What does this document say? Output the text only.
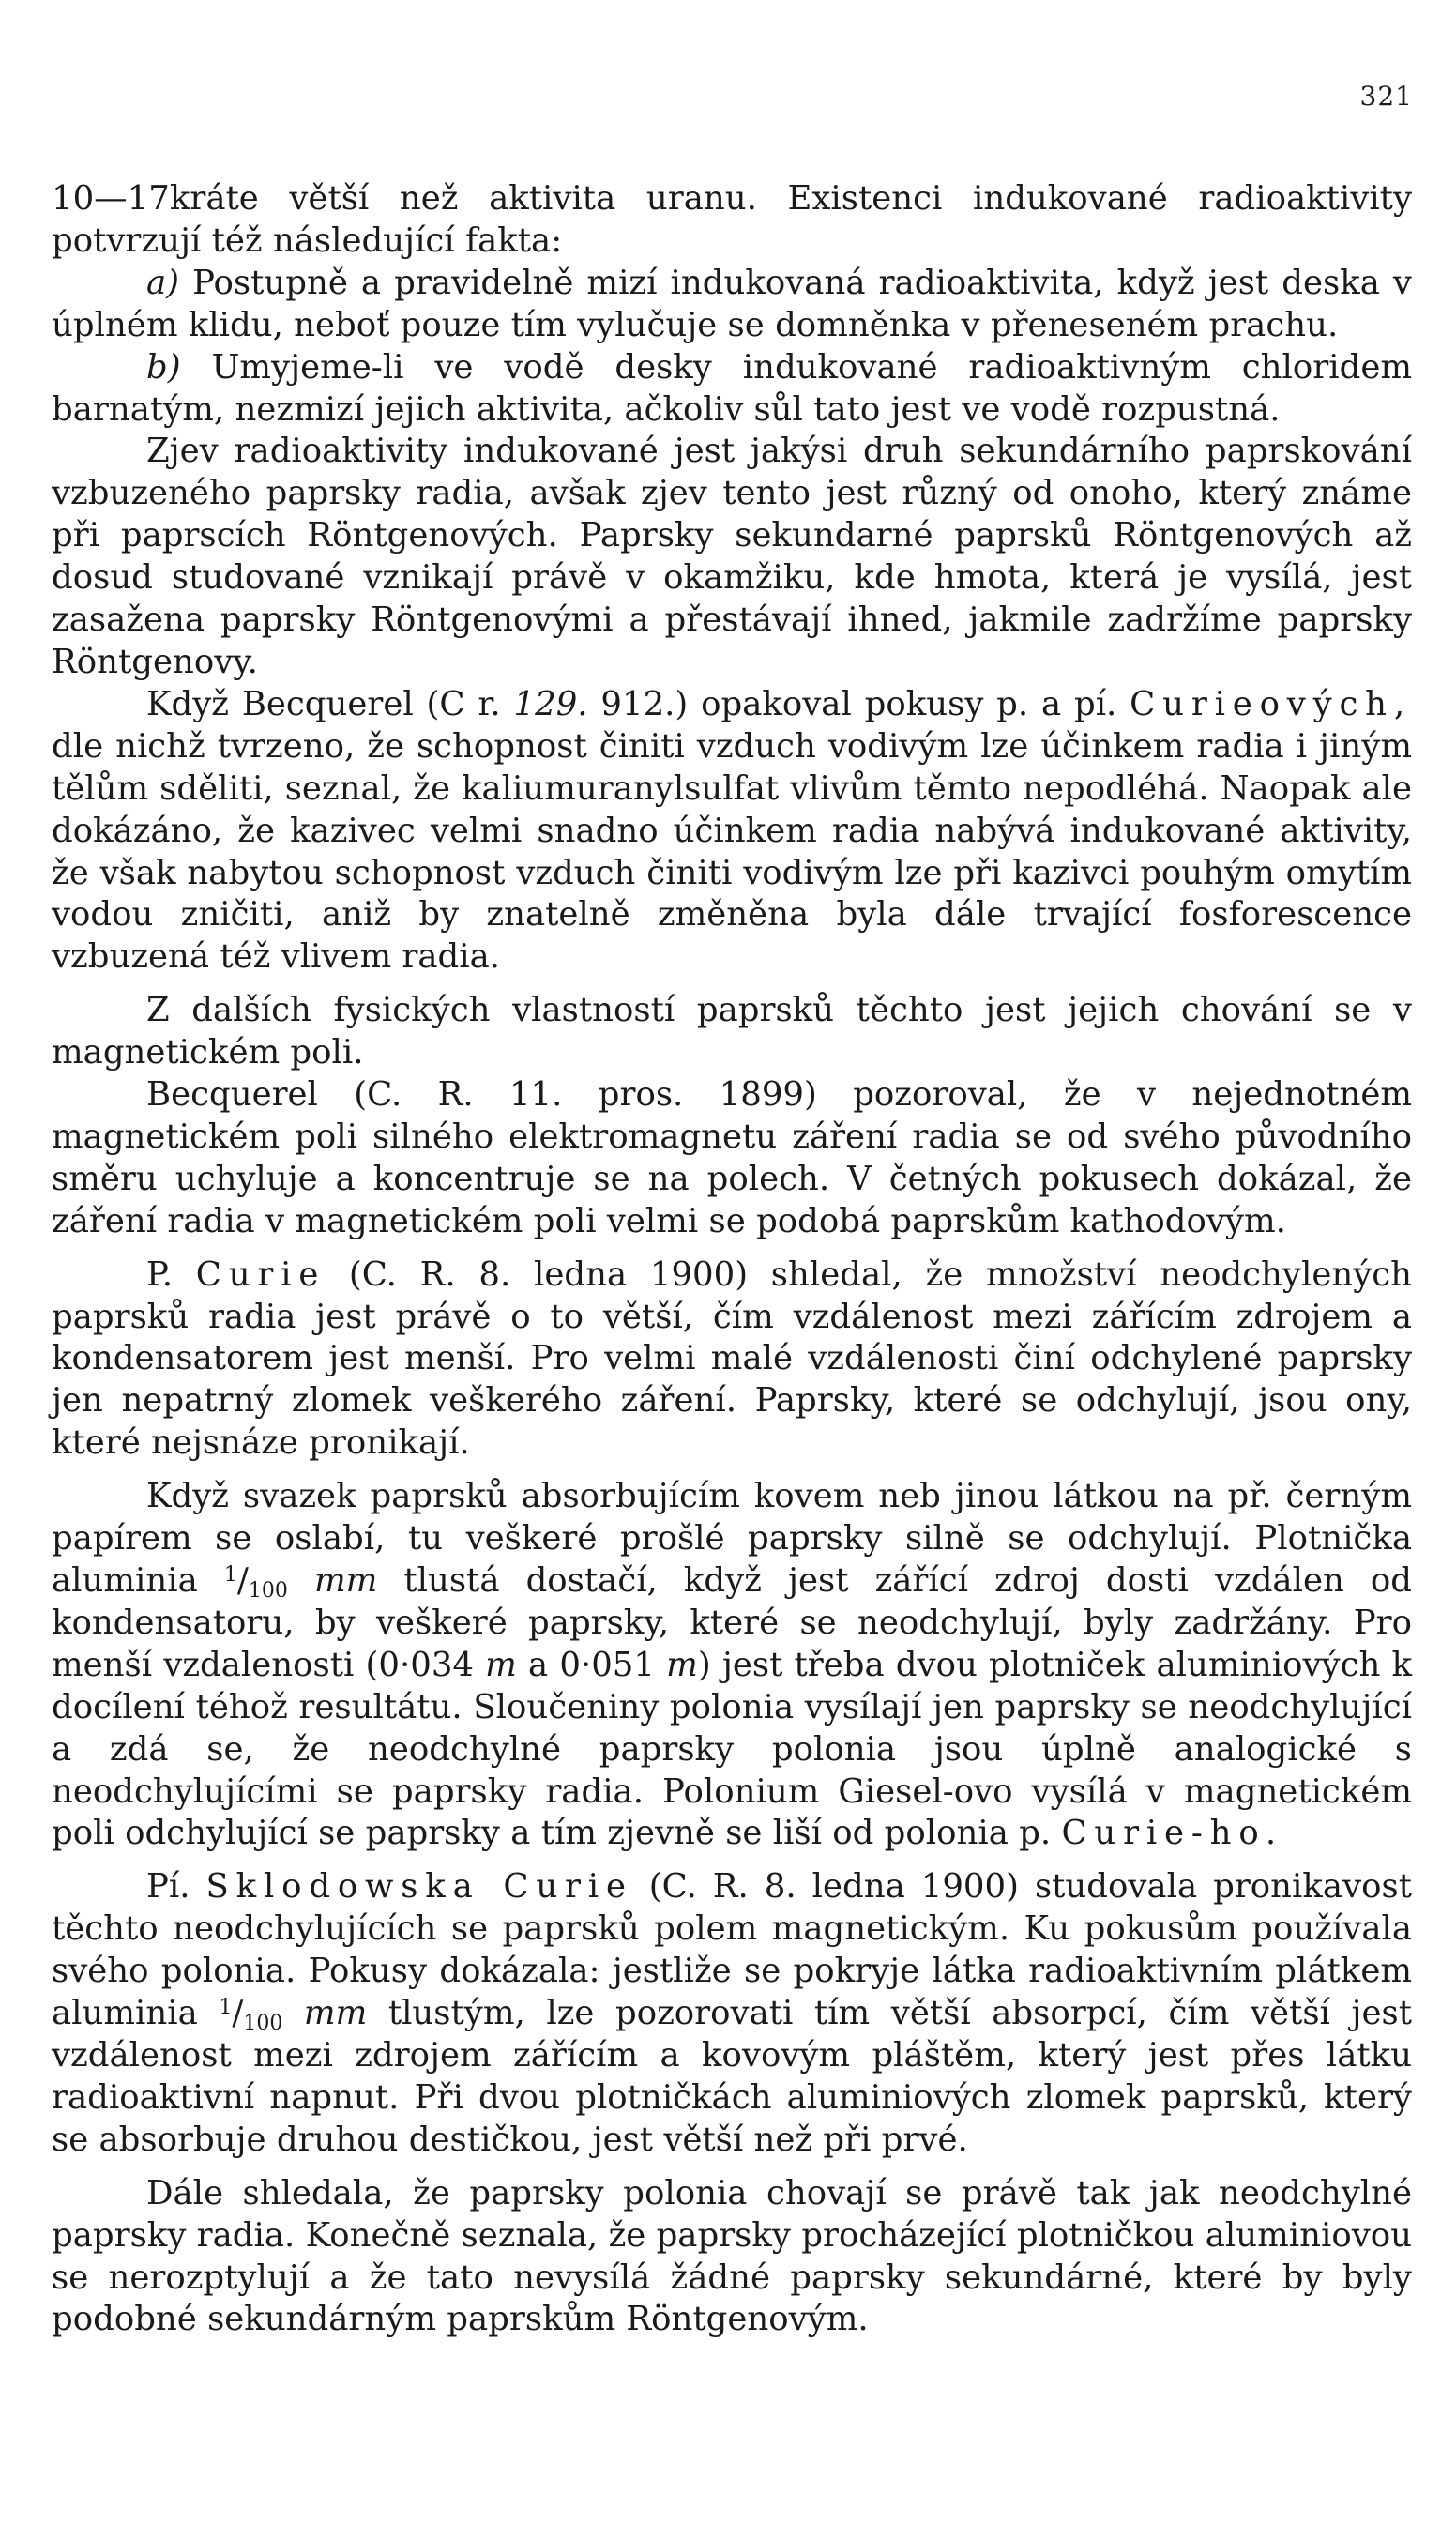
321

10—17kráte větší než aktivita uranu. Existenci indukované radioaktivity potvrzují též následující fakta:

a) Postupně a pravidelně mizí indukovaná radioaktivita, když jest deska v úplném klidu, neboť pouze tím vylučuje se domněnka v přeneseném prachu.

b) Umyjeme-li ve vodě desky indukované radioaktivným chloridem barnatým, nezmizí jejich aktivita, ačkoliv sůl tato jest ve vodě rozpustná.

Zjev radioaktivity indukované jest jakýsi druh sekundárního paprskování vzbuzeného paprsky radia, avšak zjev tento jest různý od onoho, který známe při paprscích Röntgenových. Paprsky sekundarné paprsků Röntgenových až dosud studované vznikají právě v okamžiku, kde hmota, která je vysílá, jest zasažena paprsky Röntgenovými a přestávají ihned, jakmile zadržíme paprsky Röntgenovy.

Když Becquerel (C r. 129. 912.) opakoval pokusy p. a pí. Curieových, dle nichž tvrzeno, že schopnost činiti vzduch vodivým lze účinkem radia i jiným tělům sděliti, seznal, že kaliumuranylsulfat vlivům těmto nepodléhá. Naopak ale dokázáno, že kazivec velmi snadno účinkem radia nabývá indukované aktivity, že však nabytou schopnost vzduch činiti vodivým lze při kazivci pouhým omytím vodou zničiti, aniž by znatelně změněna byla dále trvající fosforescence vzbuzená též vlivem radia.

Z dalších fysických vlastností paprsků těchto jest jejich chování se v magnetickém poli.

Becquerel (C. R. 11. pros. 1899) pozoroval, že v nejednotném magnetickém poli silného elektromagnetu záření radia se od svého původního směru uchyluje a koncentruje se na polech. V četných pokusech dokázal, že záření radia v magnetickém poli velmi se podobá paprskům kathodovým.

P. Curie (C. R. 8. ledna 1900) shledal, že množství neodchylených paprsků radia jest právě o to větší, čím vzdálenost mezi zářícím zdrojem a kondensatorem jest menší. Pro velmi malé vzdálenosti činí odchylené paprsky jen nepatrný zlomek veškerého záření. Paprsky, které se odchylují, jsou ony, které nejsnáze pronikají.

Když svazek paprsků absorbujícím kovem neb jinou látkou na př. černým papírem se oslabí, tu veškeré prošlé paprsky silně se odchylují. Plotnička aluminia $^1/_{100}$ mm tlustá dostačí, když jest zářící zdroj dosti vzdálen od kondensatoru, by veškeré paprsky, které se neodchylují, byly zadržány. Pro menší vzdalenosti (0·034 m a 0·051 m) jest třeba dvou plotniček aluminiových k docílení téhož resultátu. Sloučeniny polonia vysílají jen paprsky se neodchylující a zdá se, že neodchylné paprsky polonia jsou úplně analogické s neodchylujícími se paprsky radia. Polonium Giesel-ovo vysílá v magnetickém poli odchylující se paprsky a tím zjevně se liší od polonia p. Curie-ho.

Pí. Sklodowska Curie (C. R. 8. ledna 1900) studovala pronikavost těchto neodchylujících se paprsků polem magnetickým. Ku pokusům používala svého polonia. Pokusy dokázala: jestliže se pokryje látka radioaktivním plátkem aluminia $^1/_{100}$ mm tlustým, lze pozorovati tím větší absorpcí, čím větší jest vzdálenost mezi zdrojem zářícím a kovovým pláštěm, který jest přes látku radioaktivní napnut. Při dvou plotničkách aluminiových zlomek paprsků, který se absorbuje druhou destičkou, jest větší než při prvé.

Dále shledala, že paprsky polonia chovají se právě tak jak neodchylné paprsky radia. Konečně seznala, že paprsky procházející plotničkou aluminiovou se nerozptylují a že tato nevysílá žádné paprsky sekundárné, které by byly podobné sekundárným paprskům Röntgenovým.
